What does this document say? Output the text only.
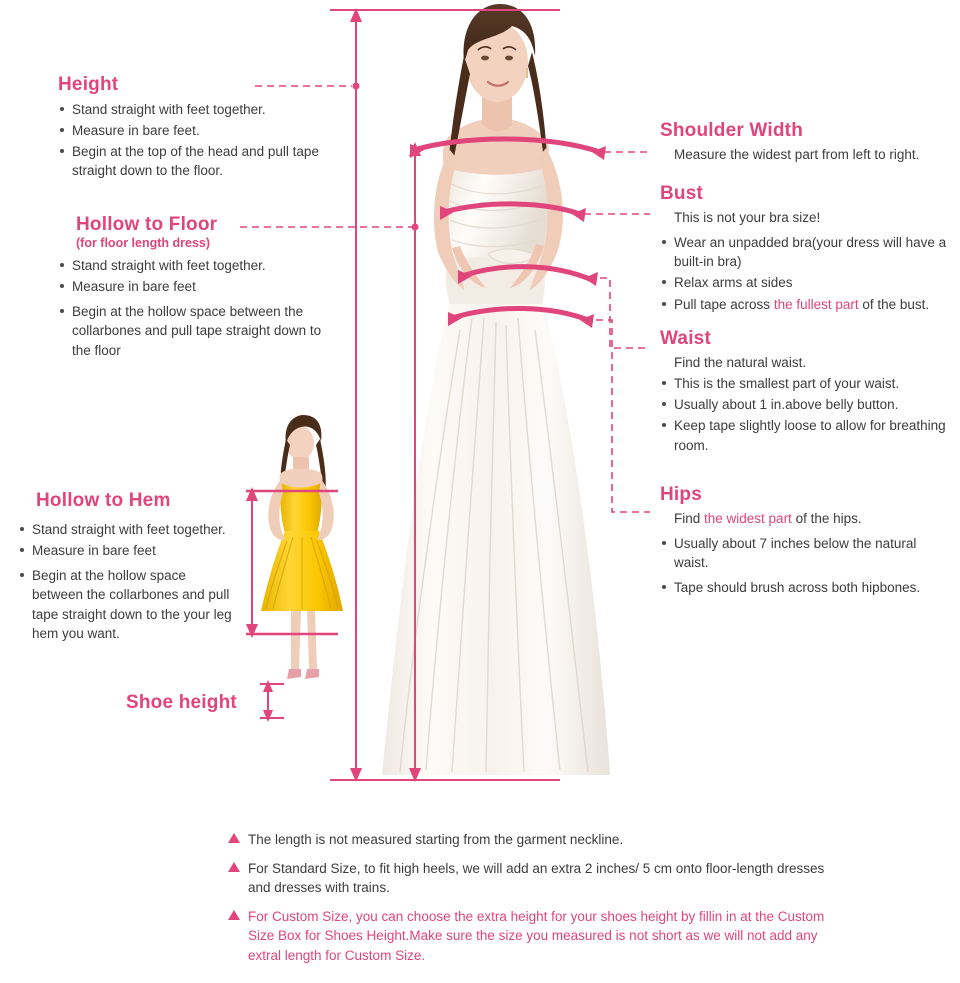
Height
Stand straight with feet together.
Measure in bare feet.
Begin at the top of the head and pull tape straight down to the floor.
Hollow to Floor
(for floor length dress)
Stand straight with feet together.
Measure in bare feet
Begin at the hollow space between the collarbones and pull tape straight down to the floor
Hollow to Hem
Stand straight with feet together.
Measure in bare feet
Begin at the hollow space between the collarbones and pull tape straight down to the your leg hem you want.
Shoe height
Shoulder Width
Measure the widest part from left to right.
Bust
This is not your bra size!
Wear an unpadded bra(your dress will have a built-in bra)
Relax arms at sides
Pull tape across the fullest part of the bust.
Waist
Find the natural waist.
This is the smallest part of your waist.
Usually about 1 in.above belly button.
Keep tape slightly loose to allow for breathing room.
Hips
Find the widest part of the hips.
Usually about 7 inches below the natural waist.
Tape should brush across both hipbones.
The length is not measured starting from the garment neckline.
For Standard Size, to fit high heels, we will add an extra 2 inches/ 5 cm onto floor-length dresses and dresses with trains.
For Custom Size, you can choose the extra height for your shoes height by fillin in at the Custom Size Box for Shoes Height.Make sure the size you measured is not short as we will not add any extral length for Custom Size.
